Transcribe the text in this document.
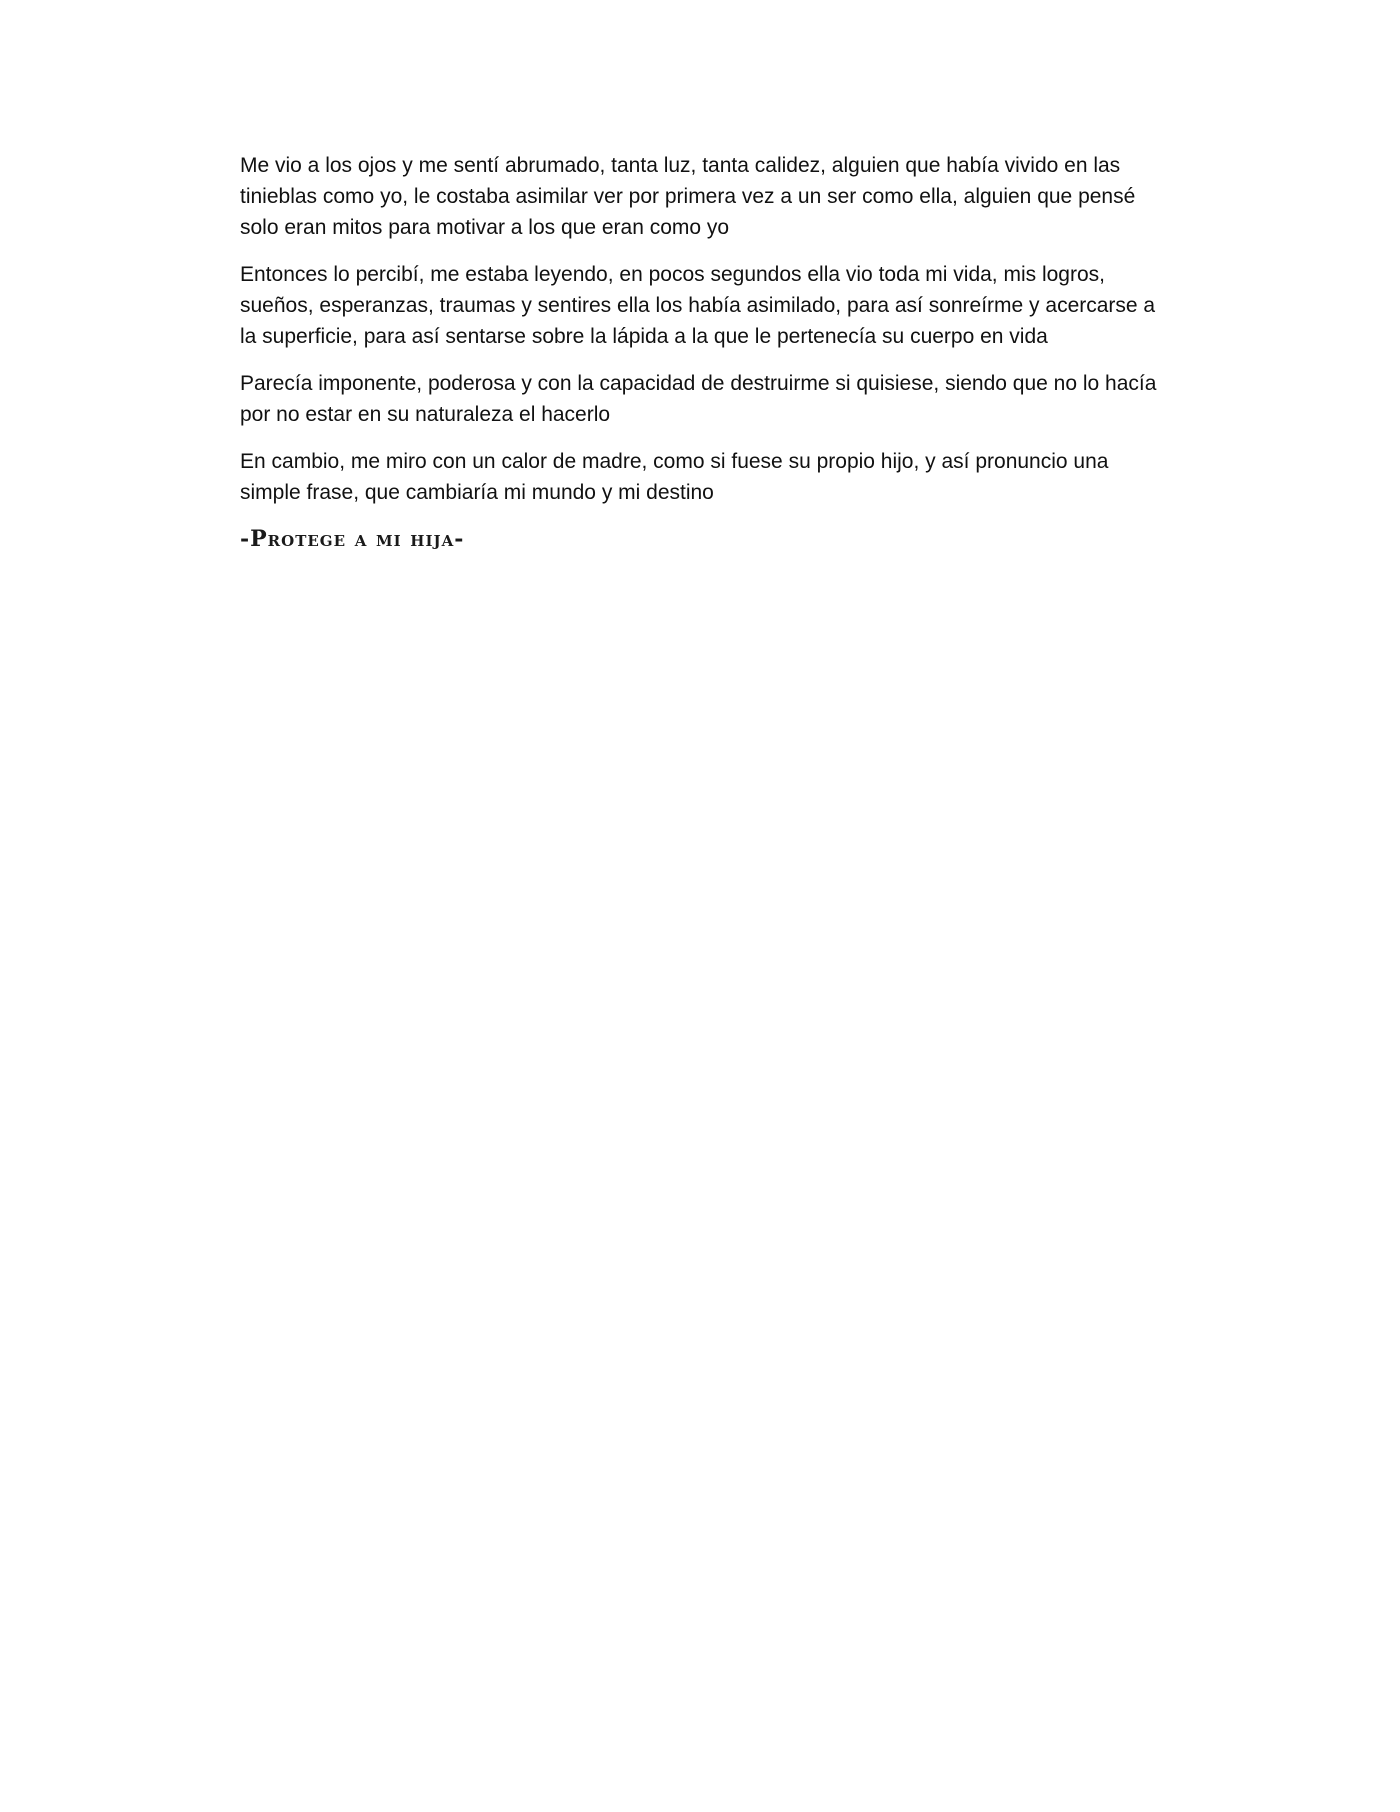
Me vio a los ojos y me sentí abrumado, tanta luz, tanta calidez, alguien que había vivido en las tinieblas como yo, le costaba asimilar ver por primera vez a un ser como ella, alguien que pensé solo eran mitos para motivar a los que eran como yo

Entonces lo percibí, me estaba leyendo, en pocos segundos ella vio toda mi vida, mis logros, sueños, esperanzas, traumas y sentires ella los había asimilado, para así sonreírme y acercarse a la superficie, para así sentarse sobre la lápida a la que le pertenecía su cuerpo en vida

Parecía imponente, poderosa y con la capacidad de destruirme si quisiese, siendo que no lo hacía por no estar en su naturaleza el hacerlo

En cambio, me miro con un calor de madre, como si fuese su propio hijo, y así pronuncio una simple frase, que cambiaría mi mundo y mi destino

-Protege a mi hija-
